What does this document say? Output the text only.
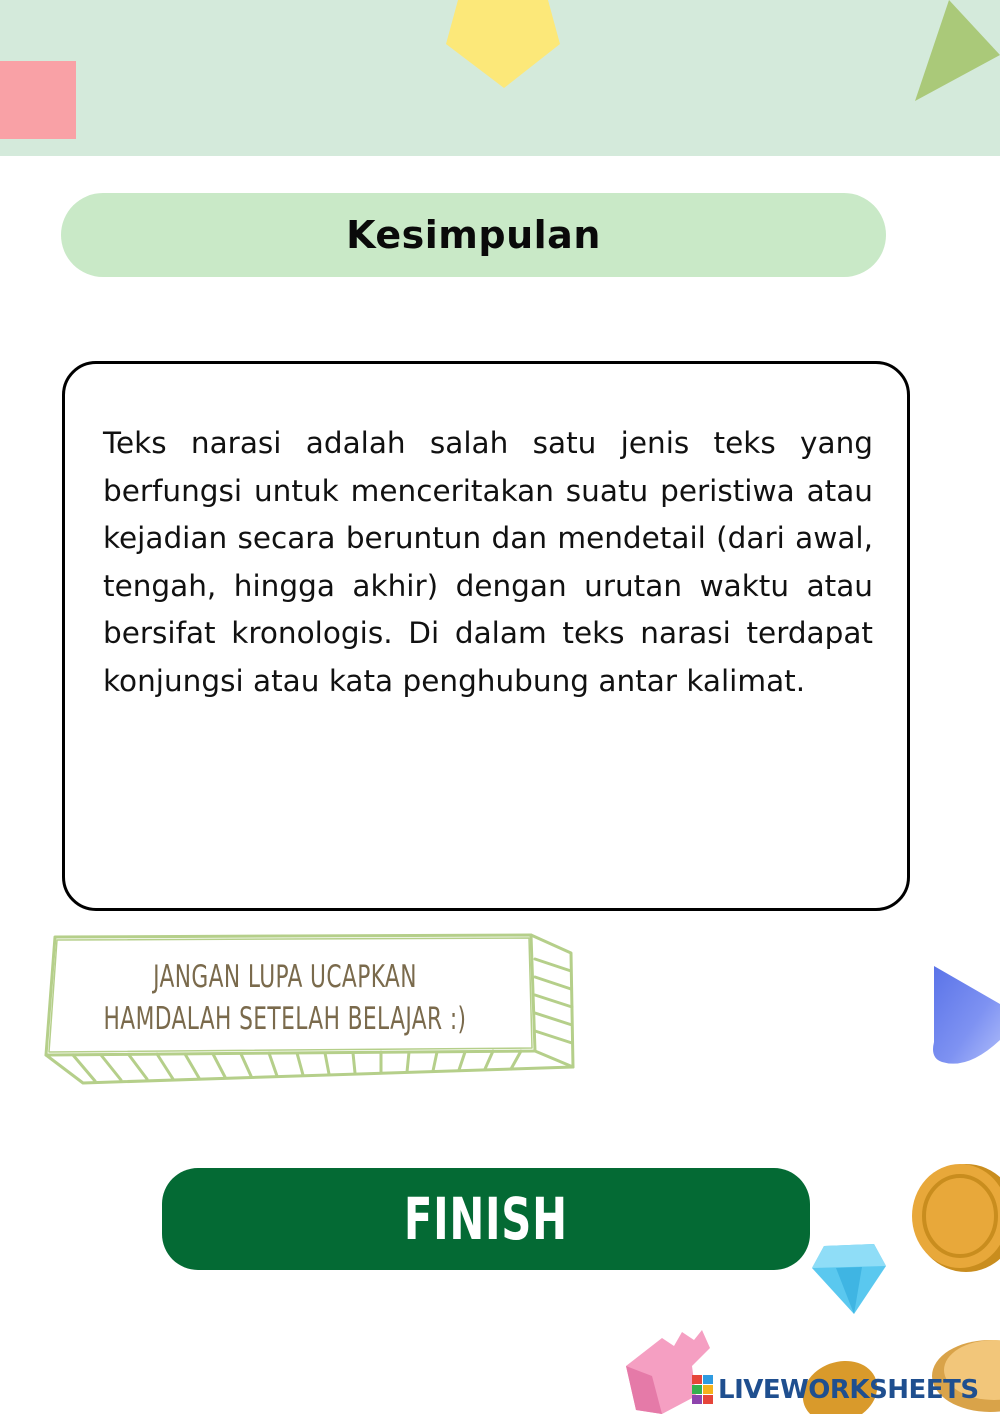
Kesimpulan

Teks narasi adalah salah satu jenis teks yang berfungsi untuk menceritakan suatu peristiwa atau kejadian secara beruntun dan mendetail (dari awal, tengah, hingga akhir) dengan urutan waktu atau bersifat kronologis. Di dalam teks narasi terdapat konjungsi atau kata penghubung antar kalimat.

JANGAN LUPA UCAPKAN
HAMDALAH SETELAH BELAJAR :)
FINISH
LIVEWORKSHEETS
